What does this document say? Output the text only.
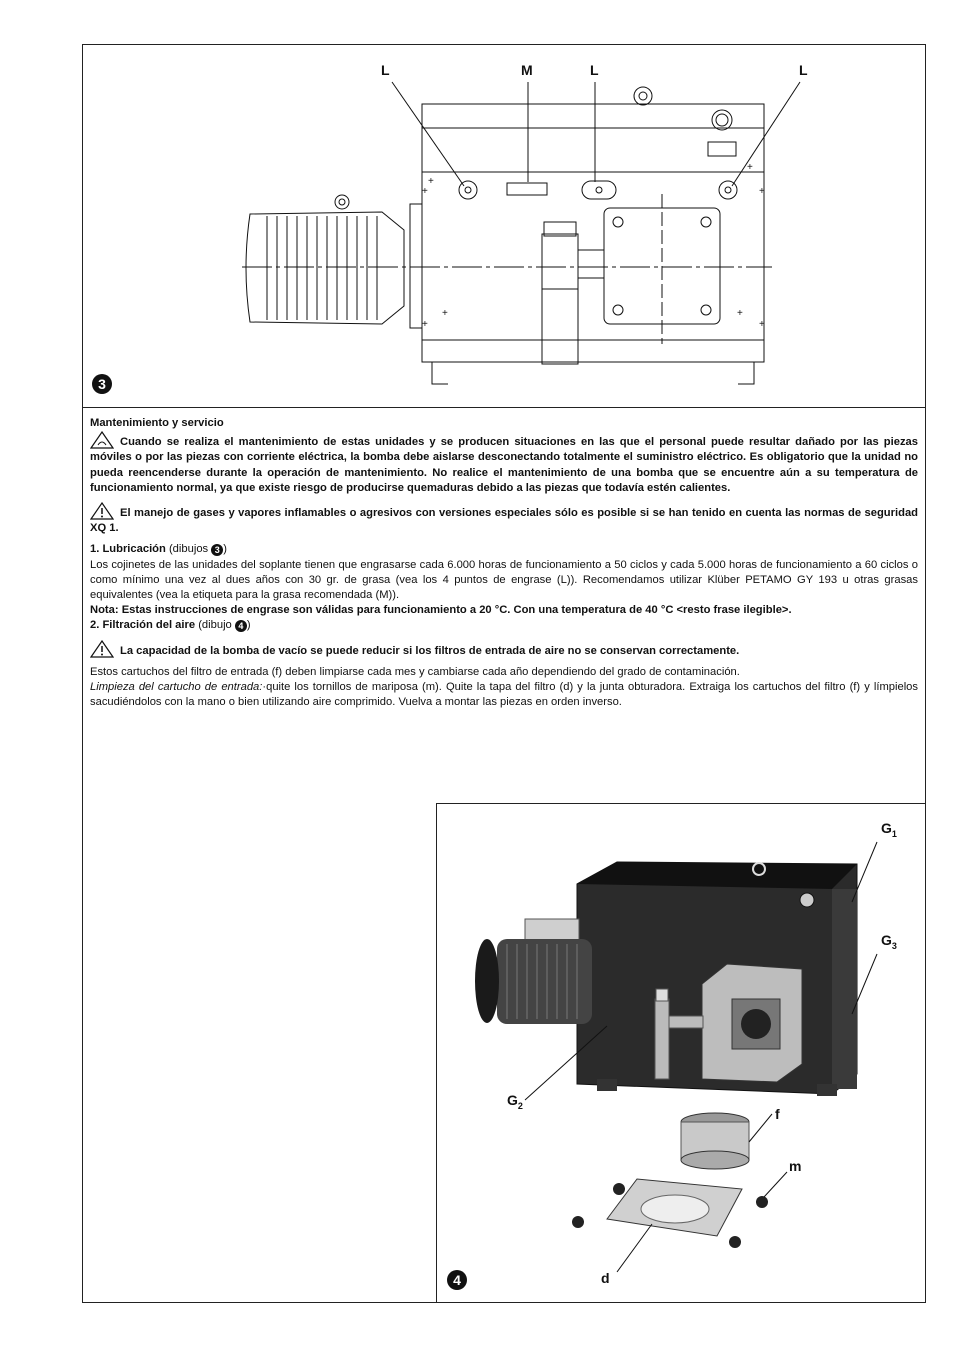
+
+	+
+
+
+
+
+
L	M	L	L
3

Mantenimiento y servicio

Cuando se realiza el mantenimiento de estas unidades y se producen situaciones en las que el personal puede resultar dañado por las piezas móviles o por las piezas con corriente eléctrica, la bomba debe aislarse desconectando totalmente el suministro eléctrico. Es obligatorio que la unidad no pueda reencenderse durante la operación de mantenimiento. No realice el mantenimiento de una bomba que se encuentre aún a su temperatura de funcionamiento normal, ya que existe riesgo de producirse quemaduras debido a las piezas que todavía estén calientes.

El manejo de gases y vapores inflamables o agresivos con versiones especiales sólo es posible si se han tenido en cuenta las normas de seguridad XQ 1.

1. Lubricación (dibujos 3 )

Los cojinetes de las unidades del soplante tienen que engrasarse cada 6.000 horas de funcionamiento a 50 ciclos y cada 5.000 horas de funcionamiento a 60 ciclos o como mínimo una vez al dues años con 30 gr. de grasa (vea los 4 puntos de engrase (L)). Recomendamos utilizar Klüber PETAMO GY 193 u otras grasas equivalentes (vea la etiqueta para la grasa recomendada (M)).

Nota: Estas instrucciones de engrase son válidas para funcionamiento a 20 °C. Con una temperatura de 40 °C <resto frase ilegible>.

2. Filtración del aire (dibujo 4 )

La capacidad de la bomba de vacío se puede reducir si los filtros de entrada de aire no se conservan correctamente.

Estos cartuchos del filtro de entrada (f) deben limpiarse cada mes y cambiarse cada año dependiendo del grado de contaminación.

Limpieza del cartucho de entrada:·quite los tornillos de mariposa (m). Quite la tapa del filtro (d) y la junta obturadora. Extraiga los cartuchos del filtro (f) y límpielos sacudiéndolos con la mano o bien utilizando aire comprimido. Vuelva a montar las piezas en orden inverso.

$G_1$
$G_3$
$G_2$
f
m
d
4
